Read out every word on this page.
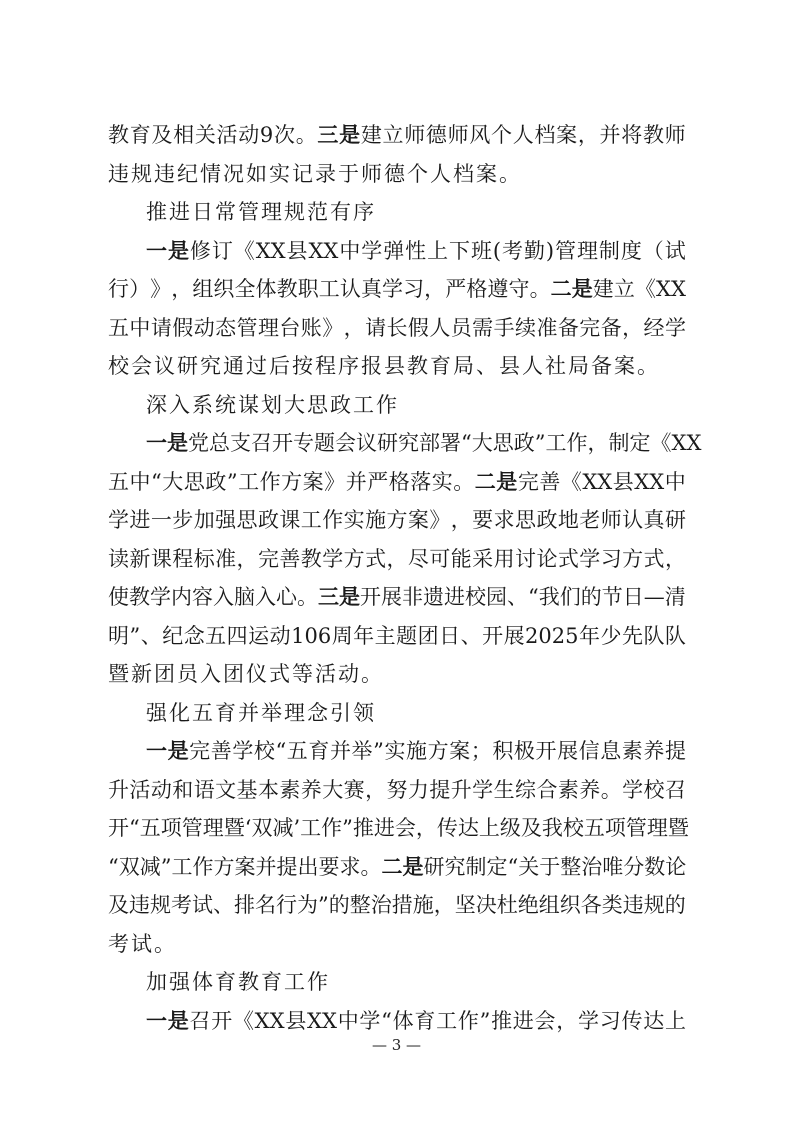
教 育 及 相 关 活 动 9 次 。 三 是 建 立 师 德 师 风 个 人 档 案 ， 并 将 教 师
违规违纪情况如实记录于师德个人档案。
推进日常管理规范有序
一 是 修 订 《 XX 县 XX 中 学 弹 性 上 下 班 ( 考 勤 ) 管 理 制 度 （ 试
行 ） 》 ， 组 织 全 体 教 职 工 认 真 学 习 ， 严 格 遵 守 。 二 是 建 立 《 XX
五 中 请 假 动 态 管 理 台 账 》 ， 请 长 假 人 员 需 手 续 准 备 完 备 ， 经 学
校会议研究通过后按程序报县教育局、县人社局备案。
深入系统谋划大思政工作
一 是 党 总 支 召 开 专 题 会 议 研 究 部 署 “ 大 思 政 ” 工 作 ， 制 定 《 XX
五 中 “ 大 思 政 ” 工 作 方 案 》 并 严 格 落 实 。 二 是 完 善 《 XX 县 XX 中
学 进 一 步 加 强 思 政 课 工 作 实 施 方 案 》 ， 要 求 思 政 地 老 师 认 真 研
读 新 课 程 标 准 ， 完 善 教 学 方 式 ， 尽 可 能 采 用 讨 论 式 学 习 方 式 ，
使 教 学 内 容 入 脑 入 心 。 三 是 开 展 非 遗 进 校 园 、 “ 我 们 的 节 日 — 清
明 ” 、 纪 念 五 四 运 动 106 周 年 主 题 团 日 、 开 展 2025 年 少 先 队 队
暨新团员入团仪式等活动。
强化五育并举理念引领
一 是 完 善 学 校 “ 五 育 并 举 ” 实 施 方 案 ； 积 极 开 展 信 息 素 养 提
升 活 动 和 语 文 基 本 素 养 大 赛 ， 努 力 提 升 学 生 综 合 素 养 。 学 校 召
开 “ 五 项 管 理 暨 ‘ 双 减 ’ 工 作 ” 推 进 会 ， 传 达 上 级 及 我 校 五 项 管 理 暨
“ 双 减 ” 工 作 方 案 并 提 出 要 求 。 二 是 研 究 制 定 “ 关 于 整 治 唯 分 数 论
及 违 规 考 试 、 排 名 行 为 ” 的 整 治 措 施 ， 坚 决 杜 绝 组 织 各 类 违 规 的
考试。
加强体育教育工作
一 是 召 开 《 XX 县 XX 中 学 “ 体 育 工 作 ” 推 进 会 ， 学 习 传 达 上
— 3 —
